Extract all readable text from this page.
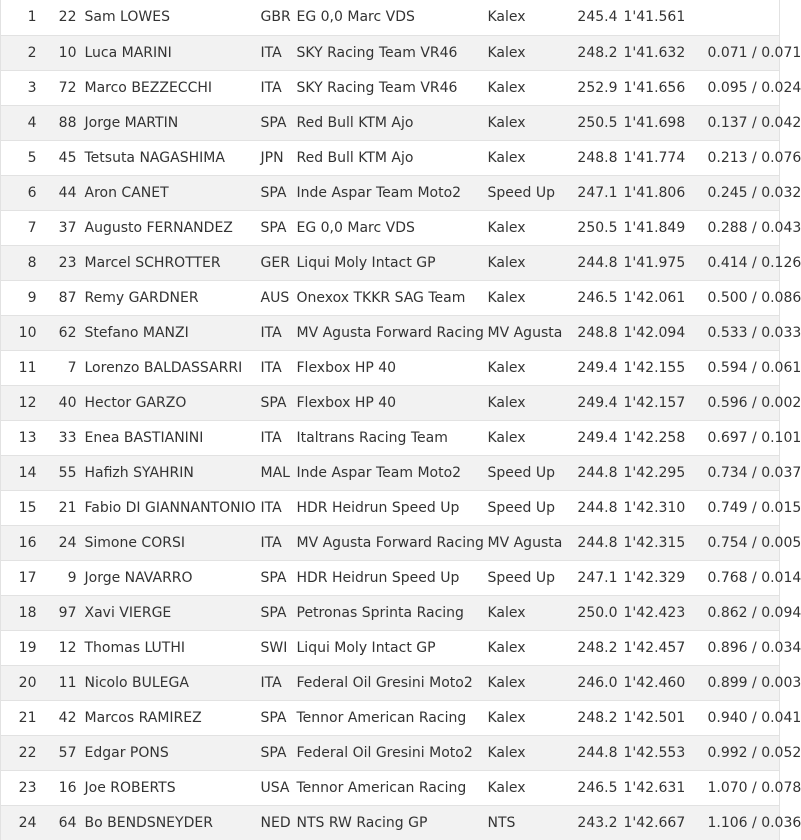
1	22	Sam LOWES	GBR	EG 0,0 Marc VDS	Kalex	245.4	1'41.561	
2	10	Luca MARINI	ITA	SKY Racing Team VR46	Kalex	248.2	1'41.632	0.071 / 0.071
3	72	Marco BEZZECCHI	ITA	SKY Racing Team VR46	Kalex	252.9	1'41.656	0.095 / 0.024
4	88	Jorge MARTIN	SPA	Red Bull KTM Ajo	Kalex	250.5	1'41.698	0.137 / 0.042
5	45	Tetsuta NAGASHIMA	JPN	Red Bull KTM Ajo	Kalex	248.8	1'41.774	0.213 / 0.076
6	44	Aron CANET	SPA	Inde Aspar Team Moto2	Speed Up	247.1	1'41.806	0.245 / 0.032
7	37	Augusto FERNANDEZ	SPA	EG 0,0 Marc VDS	Kalex	250.5	1'41.849	0.288 / 0.043
8	23	Marcel SCHROTTER	GER	Liqui Moly Intact GP	Kalex	244.8	1'41.975	0.414 / 0.126
9	87	Remy GARDNER	AUS	Onexox TKKR SAG Team	Kalex	246.5	1'42.061	0.500 / 0.086
10	62	Stefano MANZI	ITA	MV Agusta Forward Racing	MV Agusta	248.8	1'42.094	0.533 / 0.033
11	7	Lorenzo BALDASSARRI	ITA	Flexbox HP 40	Kalex	249.4	1'42.155	0.594 / 0.061
12	40	Hector GARZO	SPA	Flexbox HP 40	Kalex	249.4	1'42.157	0.596 / 0.002
13	33	Enea BASTIANINI	ITA	Italtrans Racing Team	Kalex	249.4	1'42.258	0.697 / 0.101
14	55	Hafizh SYAHRIN	MAL	Inde Aspar Team Moto2	Speed Up	244.8	1'42.295	0.734 / 0.037
15	21	Fabio DI GIANNANTONIO	ITA	HDR Heidrun Speed Up	Speed Up	244.8	1'42.310	0.749 / 0.015
16	24	Simone CORSI	ITA	MV Agusta Forward Racing	MV Agusta	244.8	1'42.315	0.754 / 0.005
17	9	Jorge NAVARRO	SPA	HDR Heidrun Speed Up	Speed Up	247.1	1'42.329	0.768 / 0.014
18	97	Xavi VIERGE	SPA	Petronas Sprinta Racing	Kalex	250.0	1'42.423	0.862 / 0.094
19	12	Thomas LUTHI	SWI	Liqui Moly Intact GP	Kalex	248.2	1'42.457	0.896 / 0.034
20	11	Nicolo BULEGA	ITA	Federal Oil Gresini Moto2	Kalex	246.0	1'42.460	0.899 / 0.003
21	42	Marcos RAMIREZ	SPA	Tennor American Racing	Kalex	248.2	1'42.501	0.940 / 0.041
22	57	Edgar PONS	SPA	Federal Oil Gresini Moto2	Kalex	244.8	1'42.553	0.992 / 0.052
23	16	Joe ROBERTS	USA	Tennor American Racing	Kalex	246.5	1'42.631	1.070 / 0.078
24	64	Bo BENDSNEYDER	NED	NTS RW Racing GP	NTS	243.2	1'42.667	1.106 / 0.036
